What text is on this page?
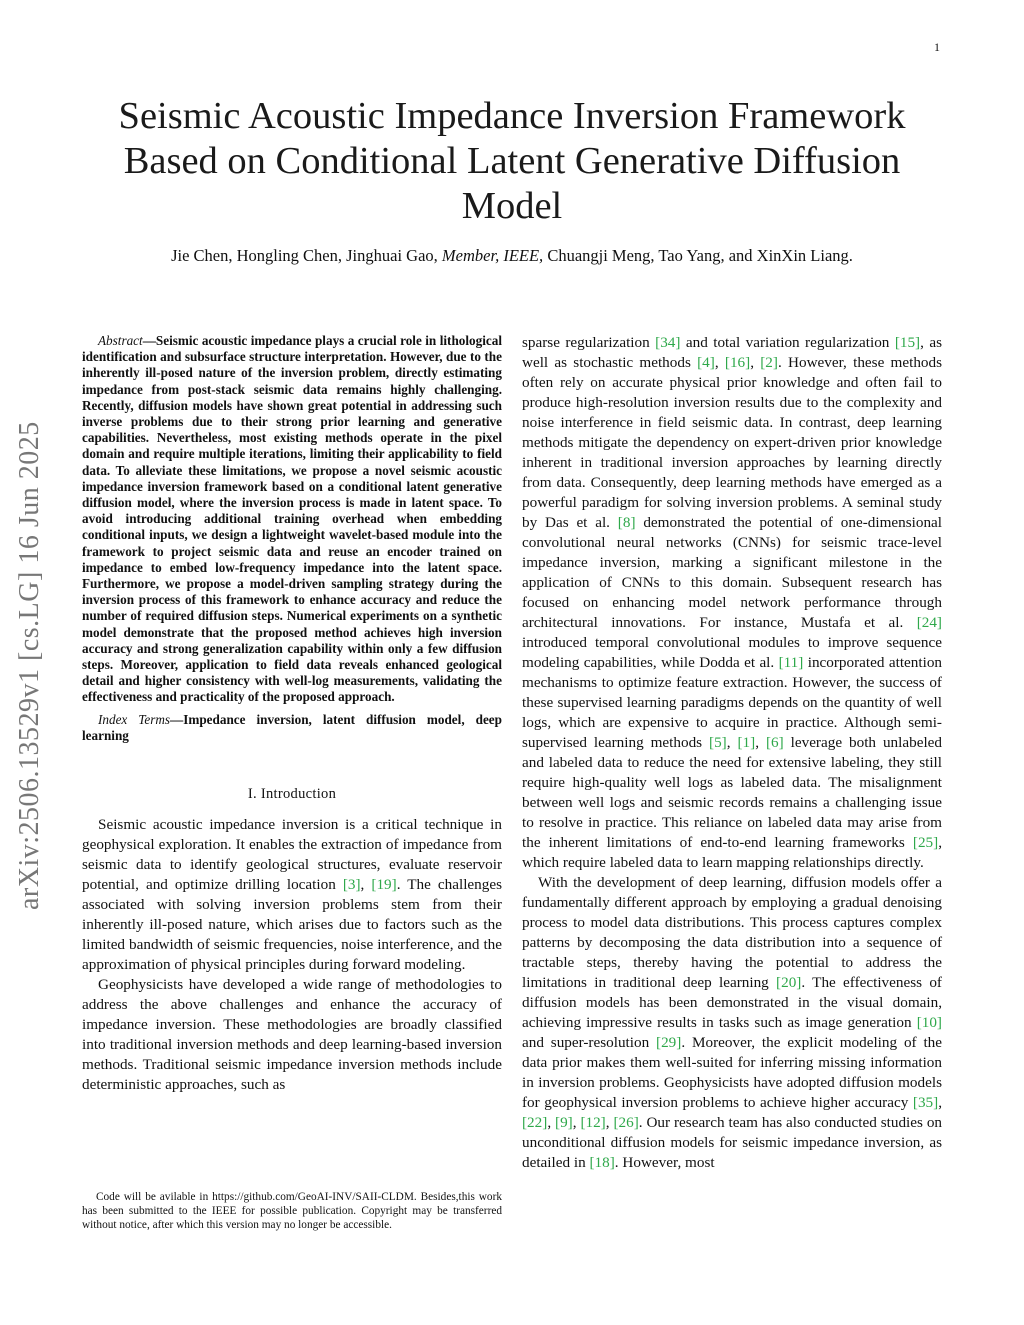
1
arXiv:2506.13529v1 [cs.LG] 16 Jun 2025
Seismic Acoustic Impedance Inversion Framework
Based on Conditional Latent Generative Diffusion
Model
Jie Chen, Hongling Chen, Jinghuai Gao, Member, IEEE, Chuangji Meng, Tao Yang, and XinXin Liang.

Abstract—Seismic acoustic impedance plays a crucial role in lithological identification and subsurface structure interpretation. However, due to the inherently ill-posed nature of the inversion problem, directly estimating impedance from post-stack seismic data remains highly challenging. Recently, diffusion models have shown great potential in addressing such inverse problems due to their strong prior learning and generative capabilities. Nevertheless, most existing methods operate in the pixel domain and require multiple iterations, limiting their applicability to field data. To alleviate these limitations, we propose a novel seismic acoustic impedance inversion framework based on a conditional latent generative diffusion model, where the inversion process is made in latent space. To avoid introducing additional training overhead when embedding conditional inputs, we design a lightweight wavelet-based module into the framework to project seismic data and reuse an encoder trained on impedance to embed low-frequency impedance into the latent space. Furthermore, we propose a model-driven sampling strategy during the inversion process of this framework to enhance accuracy and reduce the number of required diffusion steps. Numerical experiments on a synthetic model demonstrate that the proposed method achieves high inversion accuracy and strong generalization capability within only a few diffusion steps. Moreover, application to field data reveals enhanced geological detail and higher consistency with well-log measurements, validating the effectiveness and practicality of the proposed approach.

Index Terms—Impedance inversion, latent diffusion model, deep learning

I. Introduction

Seismic acoustic impedance inversion is a critical technique in geophysical exploration. It enables the extraction of impedance from seismic data to identify geological structures, evaluate reservoir potential, and optimize drilling location [3], [19]. The challenges associated with solving inversion problems stem from their inherently ill-posed nature, which arises due to factors such as the limited bandwidth of seismic frequencies, noise interference, and the approximation of physical principles during forward modeling.

Geophysicists have developed a wide range of methodologies to address the above challenges and enhance the accuracy of impedance inversion. These methodologies are broadly classified into traditional inversion methods and deep learning-based inversion methods. Traditional seismic impedance inversion methods include deterministic approaches, such as

Code will be avilable in https://github.com/GeoAI-INV/SAII-CLDM. Besides,this work has been submitted to the IEEE for possible publication. Copyright may be transferred without notice, after which this version may no longer be accessible.

sparse regularization [34] and total variation regularization [15], as well as stochastic methods [4], [16], [2]. However, these methods often rely on accurate physical prior knowledge and often fail to produce high-resolution inversion results due to the complexity and noise interference in field seismic data. In contrast, deep learning methods mitigate the dependency on expert-driven prior knowledge inherent in traditional inversion approaches by learning directly from data. Consequently, deep learning methods have emerged as a powerful paradigm for solving inversion problems. A seminal study by Das et al. [8] demonstrated the potential of one-dimensional convolutional neural networks (CNNs) for seismic trace-level impedance inversion, marking a significant milestone in the application of CNNs to this domain. Subsequent research has focused on enhancing model network performance through architectural innovations. For instance, Mustafa et al. [24] introduced temporal convolutional modules to improve sequence modeling capabilities, while Dodda et al. [11] incorporated attention mechanisms to optimize feature extraction. However, the success of these supervised learning paradigms depends on the quantity of well logs, which are expensive to acquire in practice. Although semi-supervised learning methods [5], [1], [6] leverage both unlabeled and labeled data to reduce the need for extensive labeling, they still require high-quality well logs as labeled data. The misalignment between well logs and seismic records remains a challenging issue to resolve in practice. This reliance on labeled data may arise from the inherent limitations of end-to-end learning frameworks [25], which require labeled data to learn mapping relationships directly.

With the development of deep learning, diffusion models offer a fundamentally different approach by employing a gradual denoising process to model data distributions. This process captures complex patterns by decomposing the data distribution into a sequence of tractable steps, thereby having the potential to address the limitations in traditional deep learning [20]. The effectiveness of diffusion models has been demonstrated in the visual domain, achieving impressive results in tasks such as image generation [10] and super-resolution [29]. Moreover, the explicit modeling of the data prior makes them well-suited for inferring missing information in inversion problems. Geophysicists have adopted diffusion models for geophysical inversion problems to achieve higher accuracy [35], [22], [9], [12], [26]. Our research team has also conducted studies on unconditional diffusion models for seismic impedance inversion, as detailed in [18]. However, most
